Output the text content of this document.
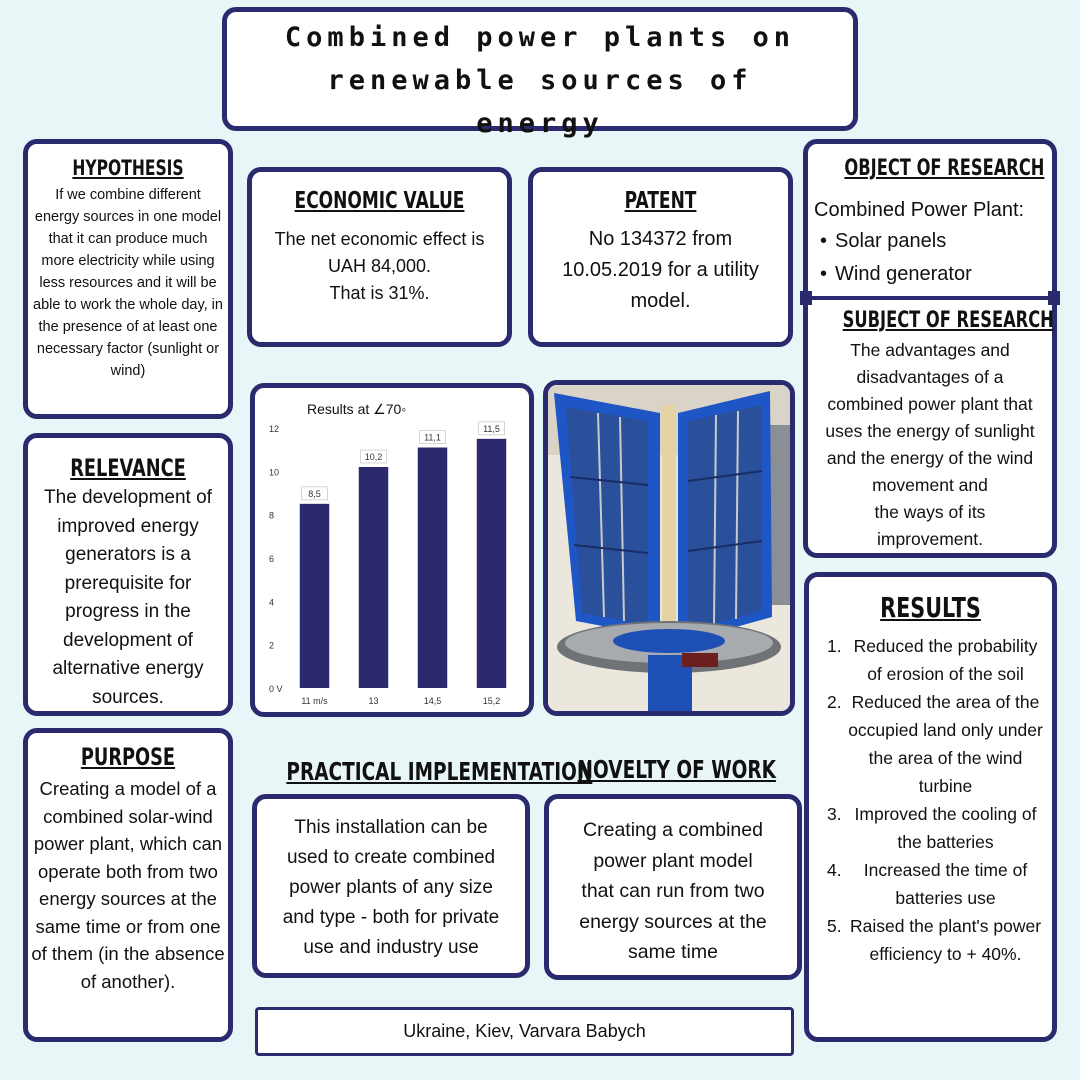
Combined power plants on
renewable sources of
energy
HYPOTHESIS

If we combine different energy sources in one model that it can produce much more electricity while using less resources and it will be able to work the whole day, in the presence of at least one necessary factor (sunlight or wind)

RELEVANCE

The development of improved energy generators is a prerequisite for progress in the development of alternative energy sources.

PURPOSE

Creating a model of a combined solar-wind power plant, which can operate both from two energy sources at the same time or from one of them (in the absence of another).

ECONOMIC VALUE
The net economic effect is
UAH 84,000.
That is 31%.
PATENT
No 134372 from
10.05.2019 for a utility
model.
OBJECT OF RESEARCH
Combined Power Plant:
• Solar panels
• Wind generator
SUBJECT OF RESEARCH
The advantages and
disadvantages of a
combined power plant that
uses the energy of sunlight
and the energy of the wind
movement and
the ways of its
improvement.
Results at ∠70◦
0 V
2
4
6
8
10
12
8,5
11 m/s
10,2
13
11,1
14,5
11,5
15,2
PRACTICAL IMPLEMENTATION
This installation can be
used to create combined
power plants of any size
and type - both for private
use and industry use
NOVELTY OF WORK
Creating a combined
power plant model
that can run from two
energy sources at the
same time
RESULTS
1. Reduced the probability of erosion of the soil
2. Reduced the area of the occupied land only under the area of the wind turbine
3. Improved the cooling of the batteries
4.	Increased the time of batteries use
5. Raised the plant's power efficiency to + 40%.
Ukraine, Kiev, Varvara Babych
